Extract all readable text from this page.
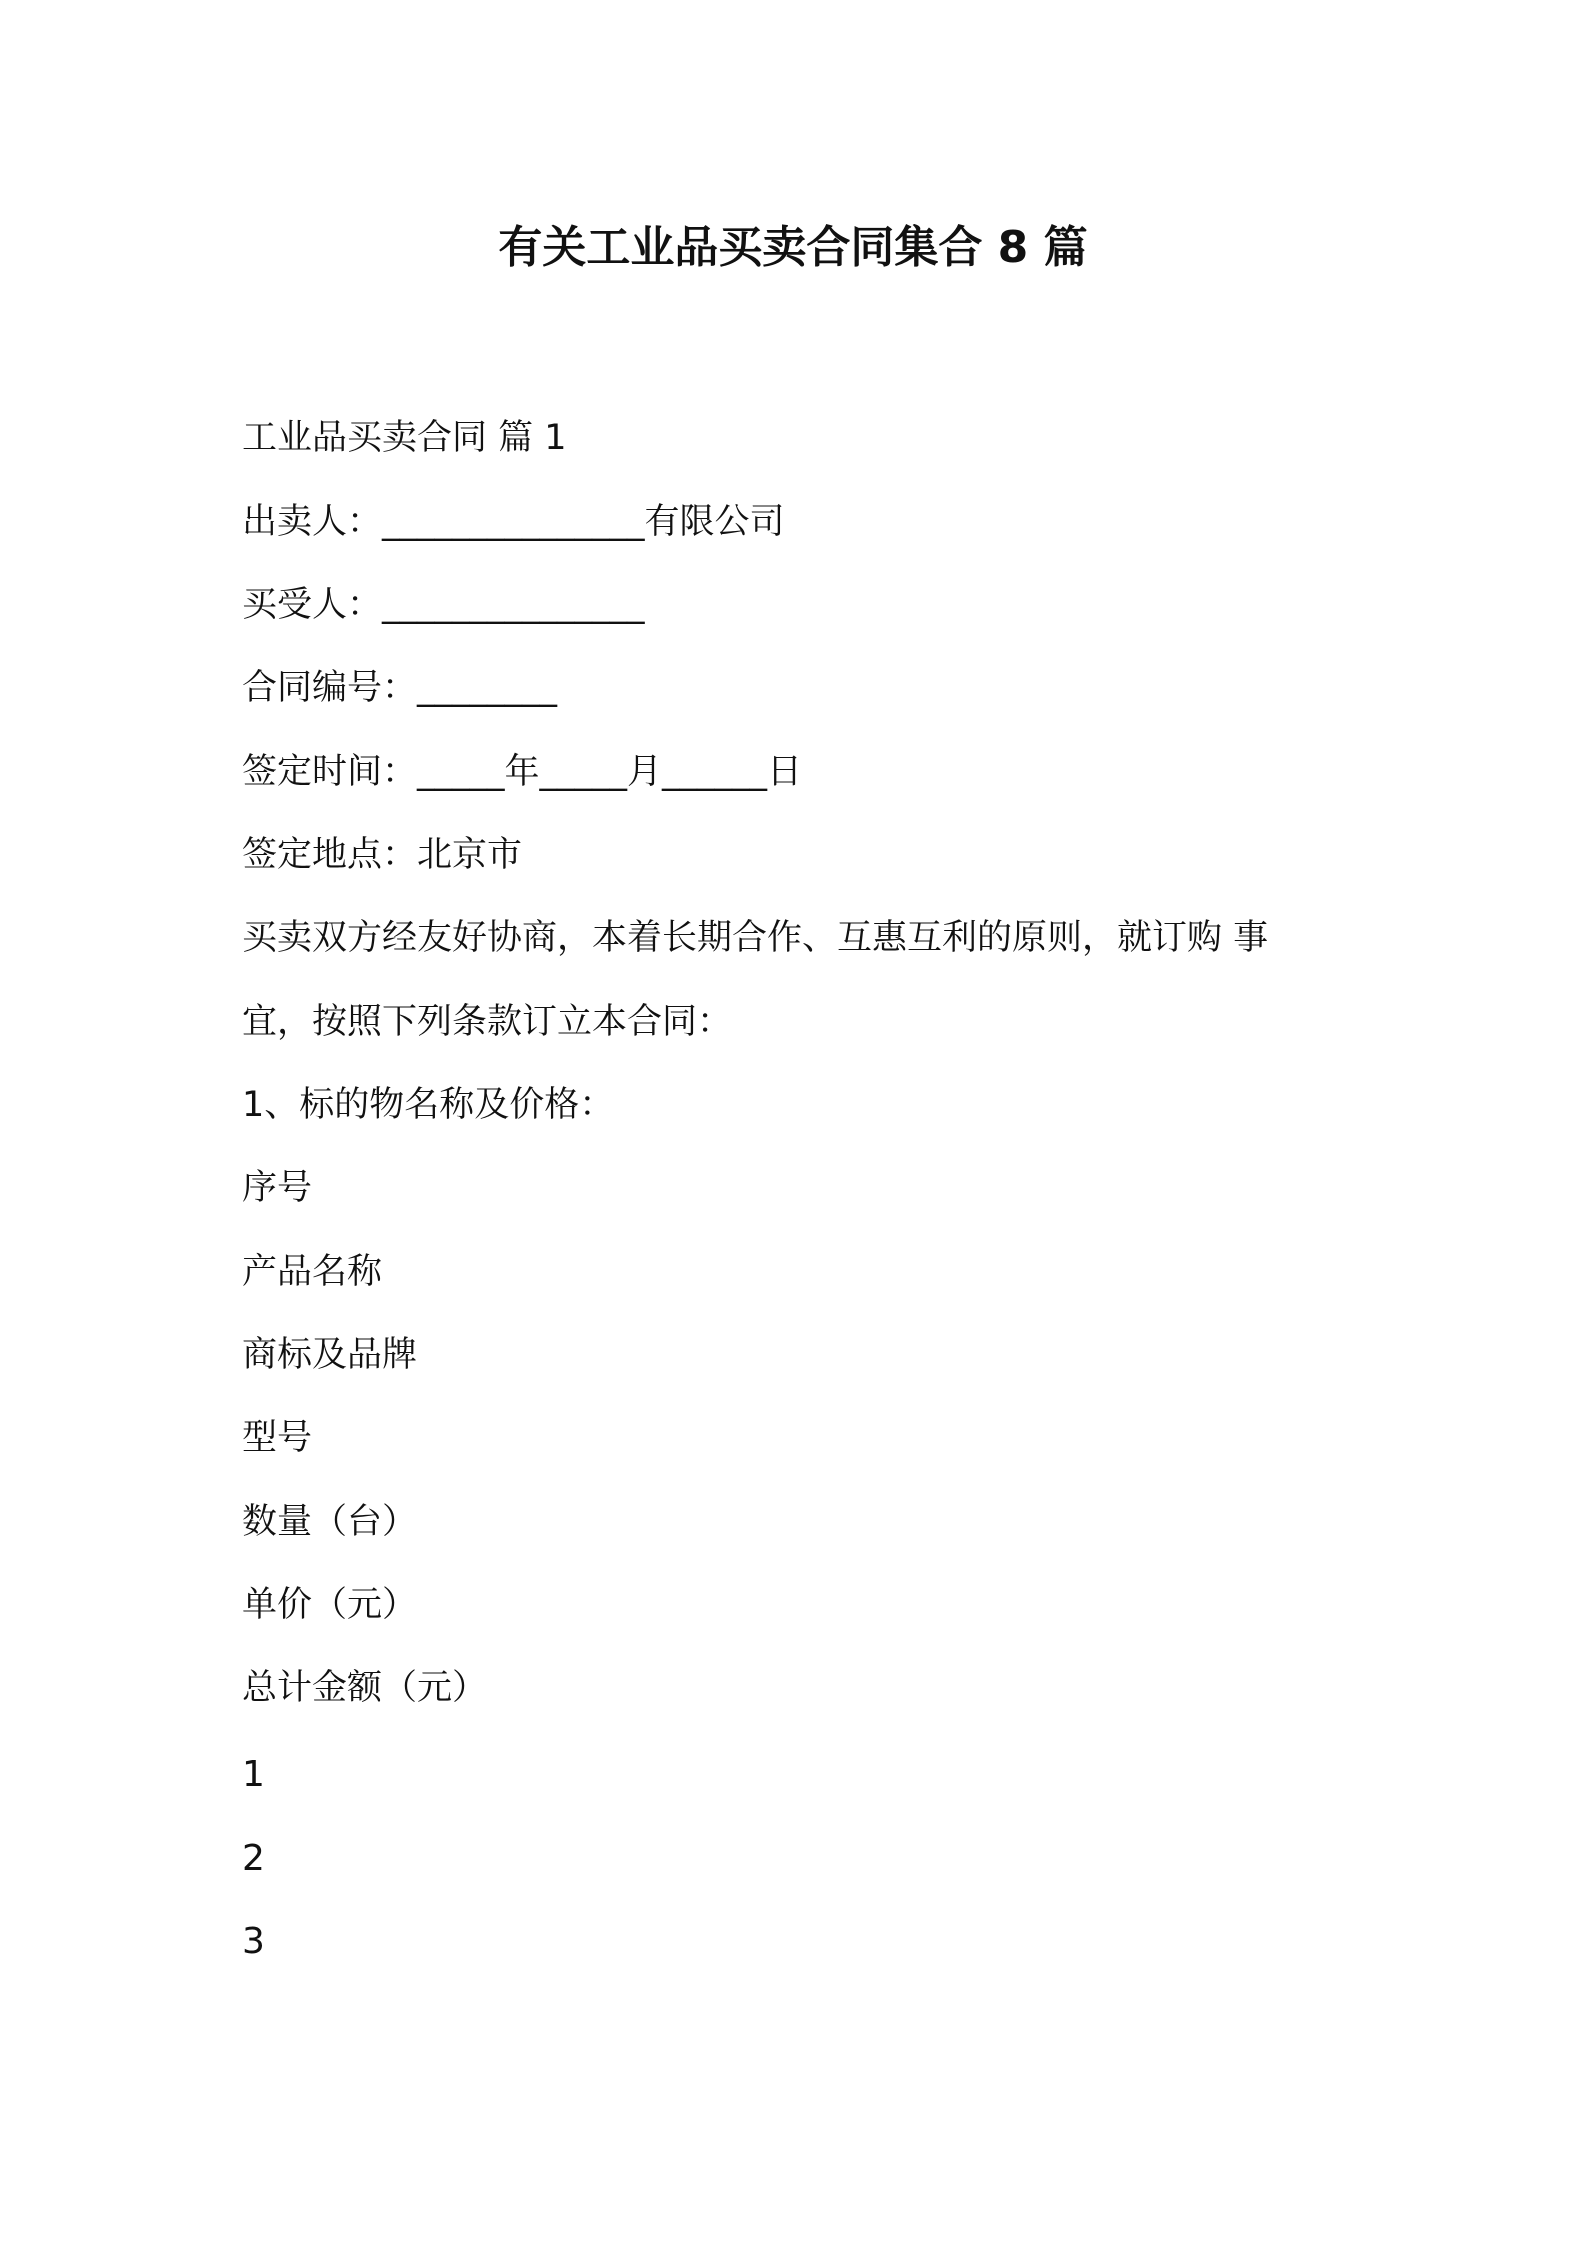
有关工业品买卖合同集合 8 篇
工业品买卖合同 篇 1
出卖人：_______________有限公司
买受人：_______________
合同编号：________
签定时间：_____年_____月______日
签定地点：北京市
买卖双方经友好协商，本着长期合作、互惠互利的原则，就订购 事
宜，按照下列条款订立本合同：
1、标的物名称及价格：
序号
产品名称
商标及品牌
型号
数量（台）
单价（元）
总计金额（元）
1
2
3
